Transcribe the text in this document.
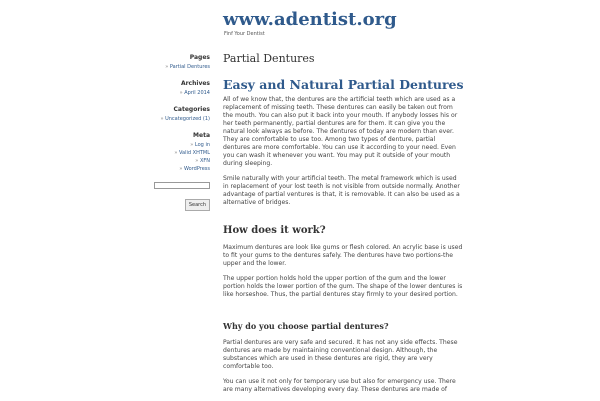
www.adentist.org
Finf Your Dentist
Pages
» Partial Dentures
Archives
» April 2014
Categories
» Uncategorized (1)
Meta
» Log in
» Valid XHTML
» XFN
» WordPress
Search
Partial Dentures
Easy and Natural Partial Dentures

All of we know that, the dentures are the artificial teeth which are used as a replacement of missing teeth. These dentures can easily be taken out from the mouth. You can also put it back into your mouth. If anybody losses his or her teeth permanently, partial dentures are for them. It can give you the natural look always as before. The dentures of today are modern than ever. They are comfortable to use too. Among two types of denture, partial dentures are more comfortable. You can use it according to your need. Even you can wash it whenever you want. You may put it outside of your mouth during sleeping.

Smile naturally with your artificial teeth. The metal framework which is used in replacement of your lost teeth is not visible from outside normally. Another advantage of partial ventures is that, it is removable. It can also be used as a alternative of bridges.

How does it work?

Maximum dentures are look like gums or flesh colored. An acrylic base is used to fit your gums to the dentures safely. The dentures have two portions-the upper and the lower.

The upper portion holds hold the upper portion of the gum and the lower portion holds the lower portion of the gum. The shape of the lower dentures is like horseshoe. Thus, the partial dentures stay firmly to your desired portion.

Why do you choose partial dentures?

Partial dentures are very safe and secured. It has not any side effects. These dentures are made by maintaining conventional design. Although, the substances which are used in these dentures are rigid, they are very comfortable too.

You can use it not only for temporary use but also for emergency use. There are many alternatives developing every day. These dentures are made of
